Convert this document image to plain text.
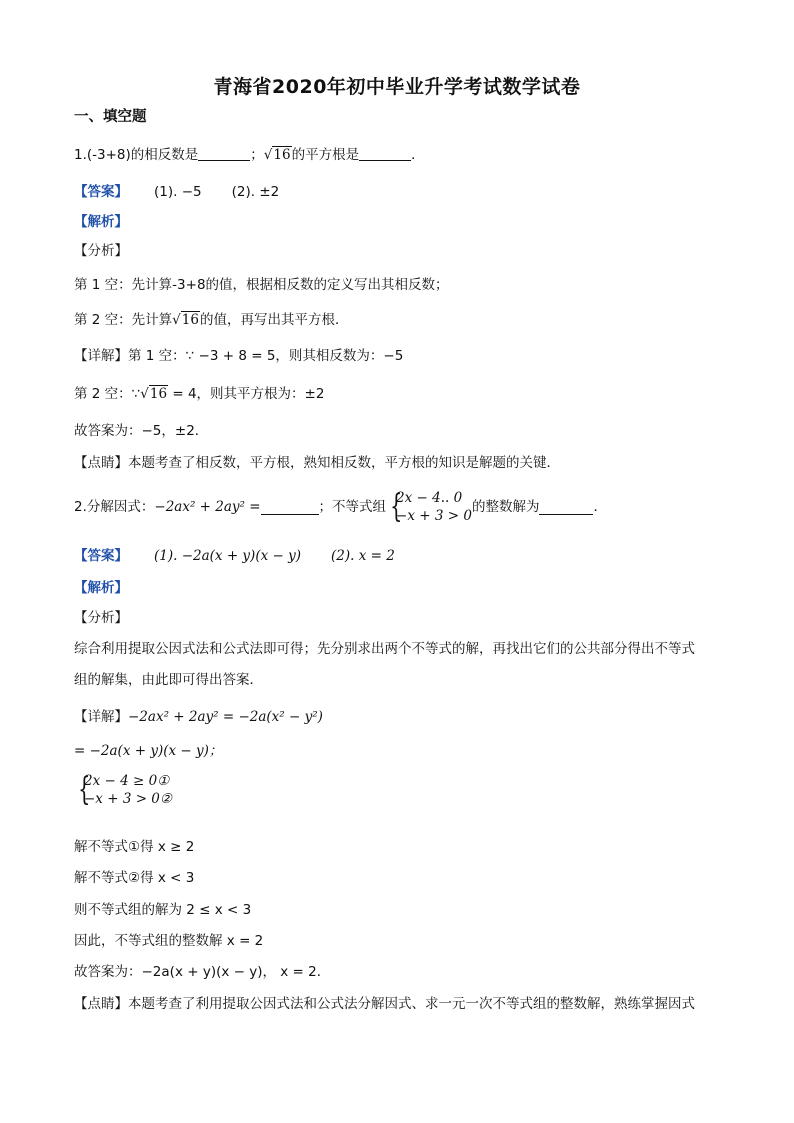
青海省2020年初中毕业升学考试数学试卷
一、填空题
1.(-3+8)的相反数是	；√16的平方根是	．
【答案】 (1). −5 (2). ±2
【解析】
【分析】
第 1 空：先计算-3+8的值，根据相反数的定义写出其相反数；
第 2 空：先计算√16的值，再写出其平方根．
【详解】第 1 空：∵ −3 + 8 = 5，则其相反数为：−5
第 2 空：∵√16 = 4，则其平方根为：±2
故答案为：−5，±2．
【点睛】本题考查了相反数，平方根，熟知相反数，平方根的知识是解题的关键．
2.分解因式：−2ax² + 2ay² =	；不等式组 {
2x − 4.. 0
−x + 3 > 0
的整数解为	．
【答案】 (1). −2a(x + y)(x − y) (2). x = 2
【解析】
【分析】
综合利用提取公因式法和公式法即可得；先分别求出两个不等式的解，再找出它们的公共部分得出不等式
组的解集，由此即可得出答案．
【详解】−2ax² + 2ay² = −2a(x² − y²)
= −2a(x + y)(x − y)；
{
2x − 4 ≥ 0①
−x + 3 > 0②
解不等式①得 x ≥ 2
解不等式②得 x < 3
则不等式组的解为 2 ≤ x < 3
因此，不等式组的整数解 x = 2
故答案为：−2a(x + y)(x − y)， x = 2．
【点睛】本题考查了利用提取公因式法和公式法分解因式、求一元一次不等式组的整数解，熟练掌握因式
